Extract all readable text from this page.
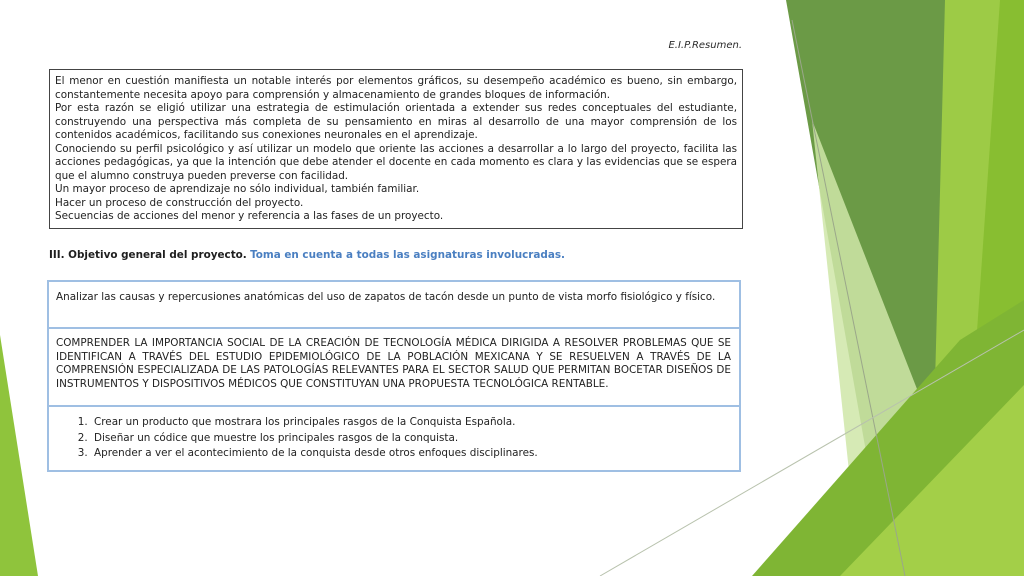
E.I.P.Resumen.

El menor en cuestión manifiesta un notable interés por elementos gráficos, su desempeño académico es bueno, sin embargo, constantemente necesita apoyo para comprensión y almacenamiento de grandes bloques de información.

Por esta razón se eligió utilizar una estrategia de estimulación orientada a extender sus redes conceptuales del estudiante, construyendo una perspectiva más completa de su pensamiento en miras al desarrollo de una mayor comprensión de los contenidos académicos, facilitando sus conexiones neuronales en el aprendizaje.

Conociendo su perfil psicológico y así utilizar un modelo que oriente las acciones a desarrollar a lo largo del proyecto, facilita las acciones pedagógicas, ya que la intención que debe atender el docente en cada momento es clara y las evidencias que se espera que el alumno construya pueden preverse con facilidad.

Un mayor proceso de aprendizaje no sólo individual, también familiar.

Hacer un proceso de construcción del proyecto.

Secuencias de acciones del menor y referencia a las fases de un proyecto.

III. Objetivo general del proyecto. Toma en cuenta a todas las asignaturas involucradas.
Analizar las causas y repercusiones anatómicas del uso de zapatos de tacón desde un punto de vista morfo fisiológico y físico.
COMPRENDER LA IMPORTANCIA SOCIAL DE LA CREACIÓN DE TECNOLOGÍA MÉDICA DIRIGIDA A RESOLVER PROBLEMAS QUE SE IDENTIFICAN A TRAVÉS DEL ESTUDIO EPIDEMIOLÓGICO DE LA POBLACIÓN MEXICANA Y SE RESUELVEN A TRAVÉS DE LA COMPRENSIÓN ESPECIALIZADA DE LAS PATOLOGÍAS RELEVANTES PARA EL SECTOR SALUD QUE PERMITAN BOCETAR DISEÑOS DE INSTRUMENTOS Y DISPOSITIVOS MÉDICOS QUE CONSTITUYAN UNA PROPUESTA TECNOLÓGICA RENTABLE.
1. Crear un producto que mostrara los principales rasgos de la Conquista Española.
2. Diseñar un códice que muestre los principales rasgos de la conquista.
3. Aprender a ver el acontecimiento de la conquista desde otros enfoques disciplinares.
